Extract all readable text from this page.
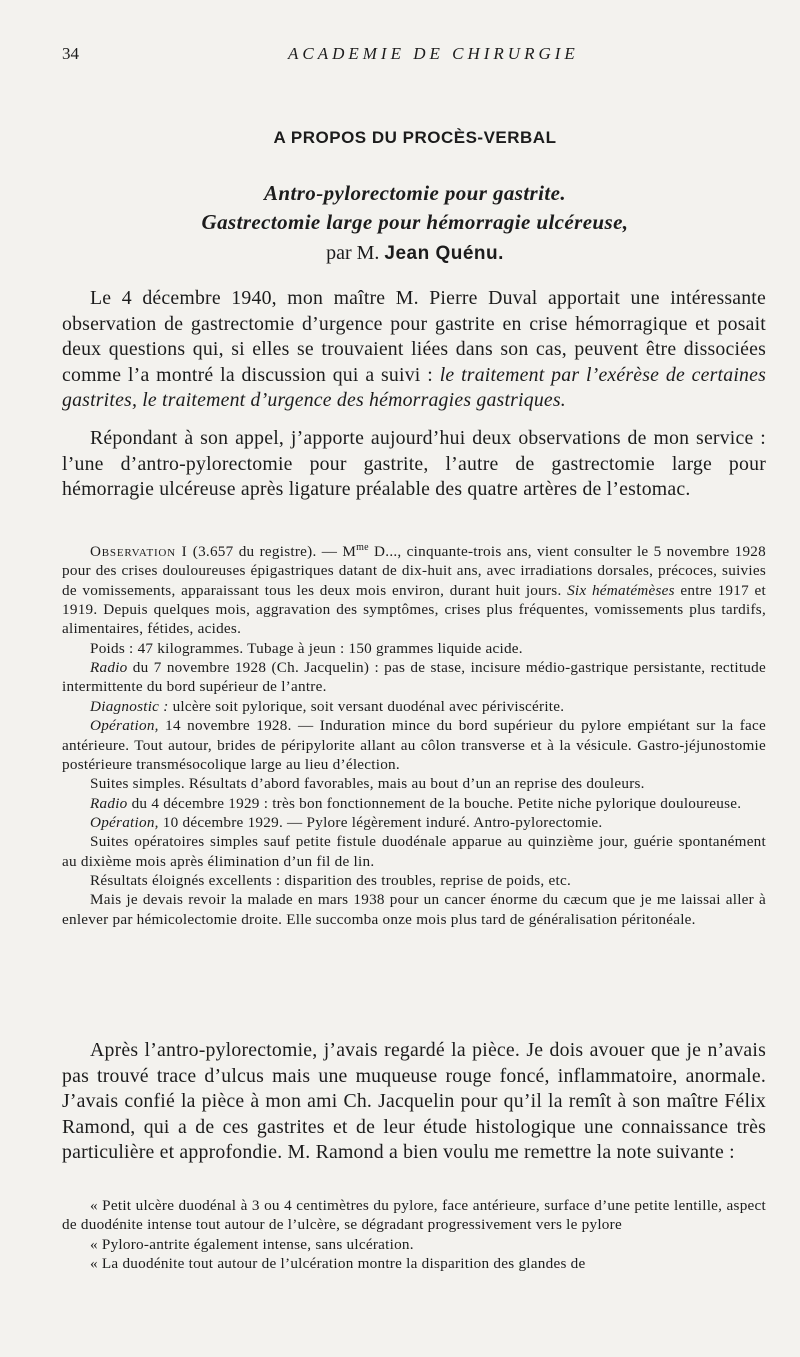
34	ACADEMIE DE CHIRURGIE
A PROPOS DU PROCÈS-VERBAL
Antro-pylorectomie pour gastrite.
Gastrectomie large pour hémorragie ulcéreuse,
par M. Jean Quénu.

Le 4 décembre 1940, mon maître M. Pierre Duval apportait une intéressante observation de gastrectomie d’urgence pour gastrite en crise hémorragique et posait deux questions qui, si elles se trouvaient liées dans son cas, peuvent être dissociées comme l’a montré la discussion qui a suivi : le traitement par l’exérèse de certaines gastrites, le traitement d’urgence des hémorragies gastriques.

Répondant à son appel, j’apporte aujourd’hui deux observations de mon service : l’une d’antro-pylorectomie pour gastrite, l’autre de gastrectomie large pour hémorragie ulcéreuse après ligature préalable des quatre artères de l’estomac.

Observation I (3.657 du registre). — $M^{me}$ D..., cinquante-trois ans, vient consulter le 5 novembre 1928 pour des crises douloureuses épigastriques datant de dix-huit ans, avec irradiations dorsales, précoces, suivies de vomissements, apparaissant tous les deux mois environ, durant huit jours. Six hématémèses entre 1917 et 1919. Depuis quelques mois, aggravation des symptômes, crises plus fréquentes, vomissements plus tardifs, alimentaires, fétides, acides.

Poids : 47 kilogrammes. Tubage à jeun : 150 grammes liquide acide.

Radio du 7 novembre 1928 (Ch. Jacquelin) : pas de stase, incisure médio-gastrique persistante, rectitude intermittente du bord supérieur de l’antre.

Diagnostic : ulcère soit pylorique, soit versant duodénal avec périviscérite.

Opération, 14 novembre 1928. — Induration mince du bord supérieur du pylore empiétant sur la face antérieure. Tout autour, brides de péripylorite allant au côlon transverse et à la vésicule. Gastro-jéjunostomie postérieure transmésocolique large au lieu d’élection.

Suites simples. Résultats d’abord favorables, mais au bout d’un an reprise des douleurs.

Radio du 4 décembre 1929 : très bon fonctionnement de la bouche. Petite niche pylorique douloureuse.

Opération, 10 décembre 1929. — Pylore légèrement induré. Antro-pylorectomie.

Suites opératoires simples sauf petite fistule duodénale apparue au quinzième jour, guérie spontanément au dixième mois après élimination d’un fil de lin.

Résultats éloignés excellents : disparition des troubles, reprise de poids, etc.

Mais je devais revoir la malade en mars 1938 pour un cancer énorme du cæcum que je me laissai aller à enlever par hémicolectomie droite. Elle succomba onze mois plus tard de généralisation péritonéale.

Après l’antro-pylorectomie, j’avais regardé la pièce. Je dois avouer que je n’avais pas trouvé trace d’ulcus mais une muqueuse rouge foncé, inflammatoire, anormale. J’avais confié la pièce à mon ami Ch. Jacquelin pour qu’il la remît à son maître Félix Ramond, qui a de ces gastrites et de leur étude histologique une connaissance très particulière et approfondie. M. Ramond a bien voulu me remettre la note suivante :

« Petit ulcère duodénal à 3 ou 4 centimètres du pylore, face antérieure, surface d’une petite lentille, aspect de duodénite intense tout autour de l’ulcère, se dégradant progressivement vers le pylore

« Pyloro-antrite également intense, sans ulcération.

« La duodénite tout autour de l’ulcération montre la disparition des glandes de
